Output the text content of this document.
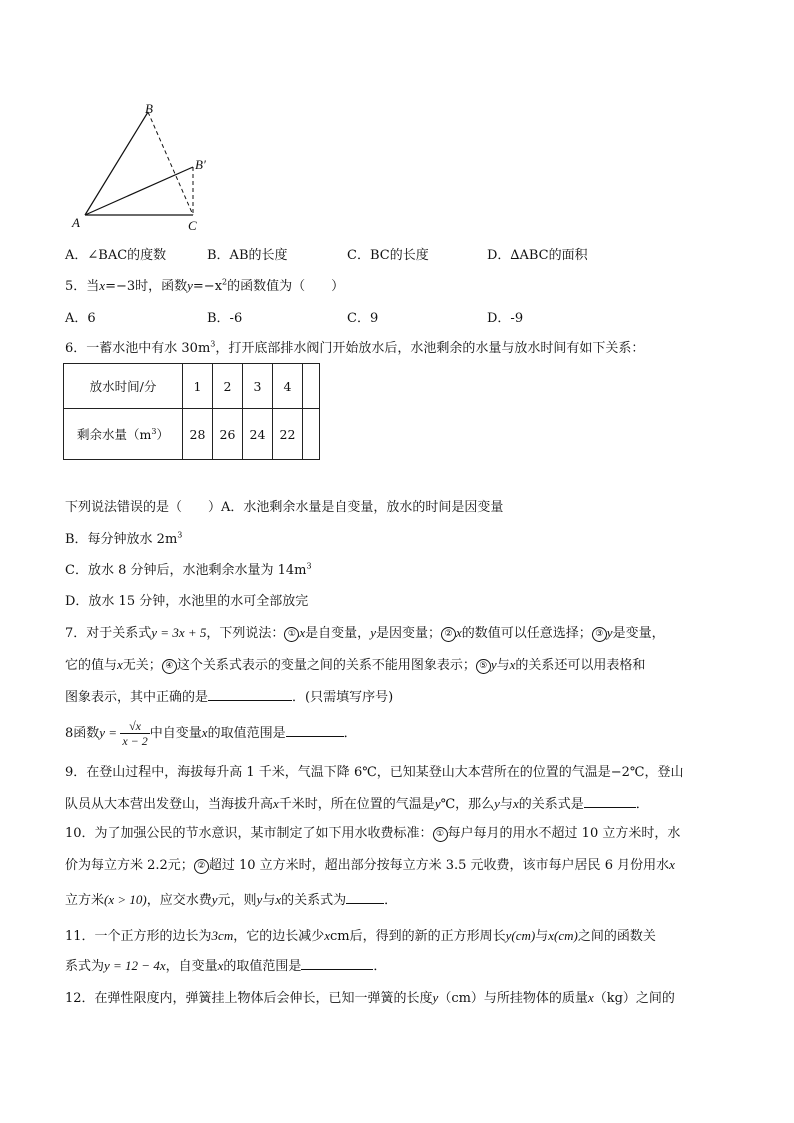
B
B′
A	C
A．∠BAC的度数	B．AB的长度	C．BC的长度	D．∆ABC的面积
5．当x=−3时，函数$y=-x^2$的函数值为（　　）
A．6	B．-6	C．9	D．-9
6．一蓄水池中有水 $30m^3$，打开底部排水阀门开始放水后，水池剩余的水量与放水时间有如下关系：
放水时间/分	1	2	3	4	
剩余水量$(m^3)$	28	26	24	22	
下列说法错误的是（　　）A．水池剩余水量是自变量，放水的时间是因变量
B．每分钟放水 $2m^3$
C．放水 8 分钟后，水池剩余水量为 $14m^3$
D．放水 15 分钟，水池里的水可全部放完
7．对于关系式y = 3x + 5，下列说法： ① x是自变量，y是因变量； ② x的数值可以任意选择； ③ y是变量，
它的值与x无关； ④ 这个关系式表示的变量之间的关系不能用图象表示； ⑤ y与x的关系还可以用表格和
图象表示，其中正确的是	．(只需填写序号)
8函数$y = \frac{√x}{x - 2}$ 中自变量x的取值范围是	．
9．在登山过程中，海拔每升高 1 千米，气温下降 6℃，已知某登山大本营所在的位置的气温是−2℃，登山
队员从大本营出发登山，当海拔升高x千米时，所在位置的气温是y℃，那么y与x的关系式是	．
10．为了加强公民的节水意识，某市制定了如下用水收费标准： ① 每户每月的用水不超过 10 立方米时，水
价为每立方米 2.2元； ② 超过 10 立方米时，超出部分按每立方米 3.5 元收费，该市每户居民 6 月份用水x
立方米(x > 10)，应交水费y元，则y与x的关系式为	．
11．一个正方形的边长为3cm，它的边长减少xcm后，得到的新的正方形周长y(cm)与x(cm)之间的函数关
系式为y = 12 − 4x，自变量x的取值范围是	．
12．在弹性限度内，弹簧挂上物体后会伸长，已知一弹簧的长度y（cm）与所挂物体的质量x（kg）之间的
